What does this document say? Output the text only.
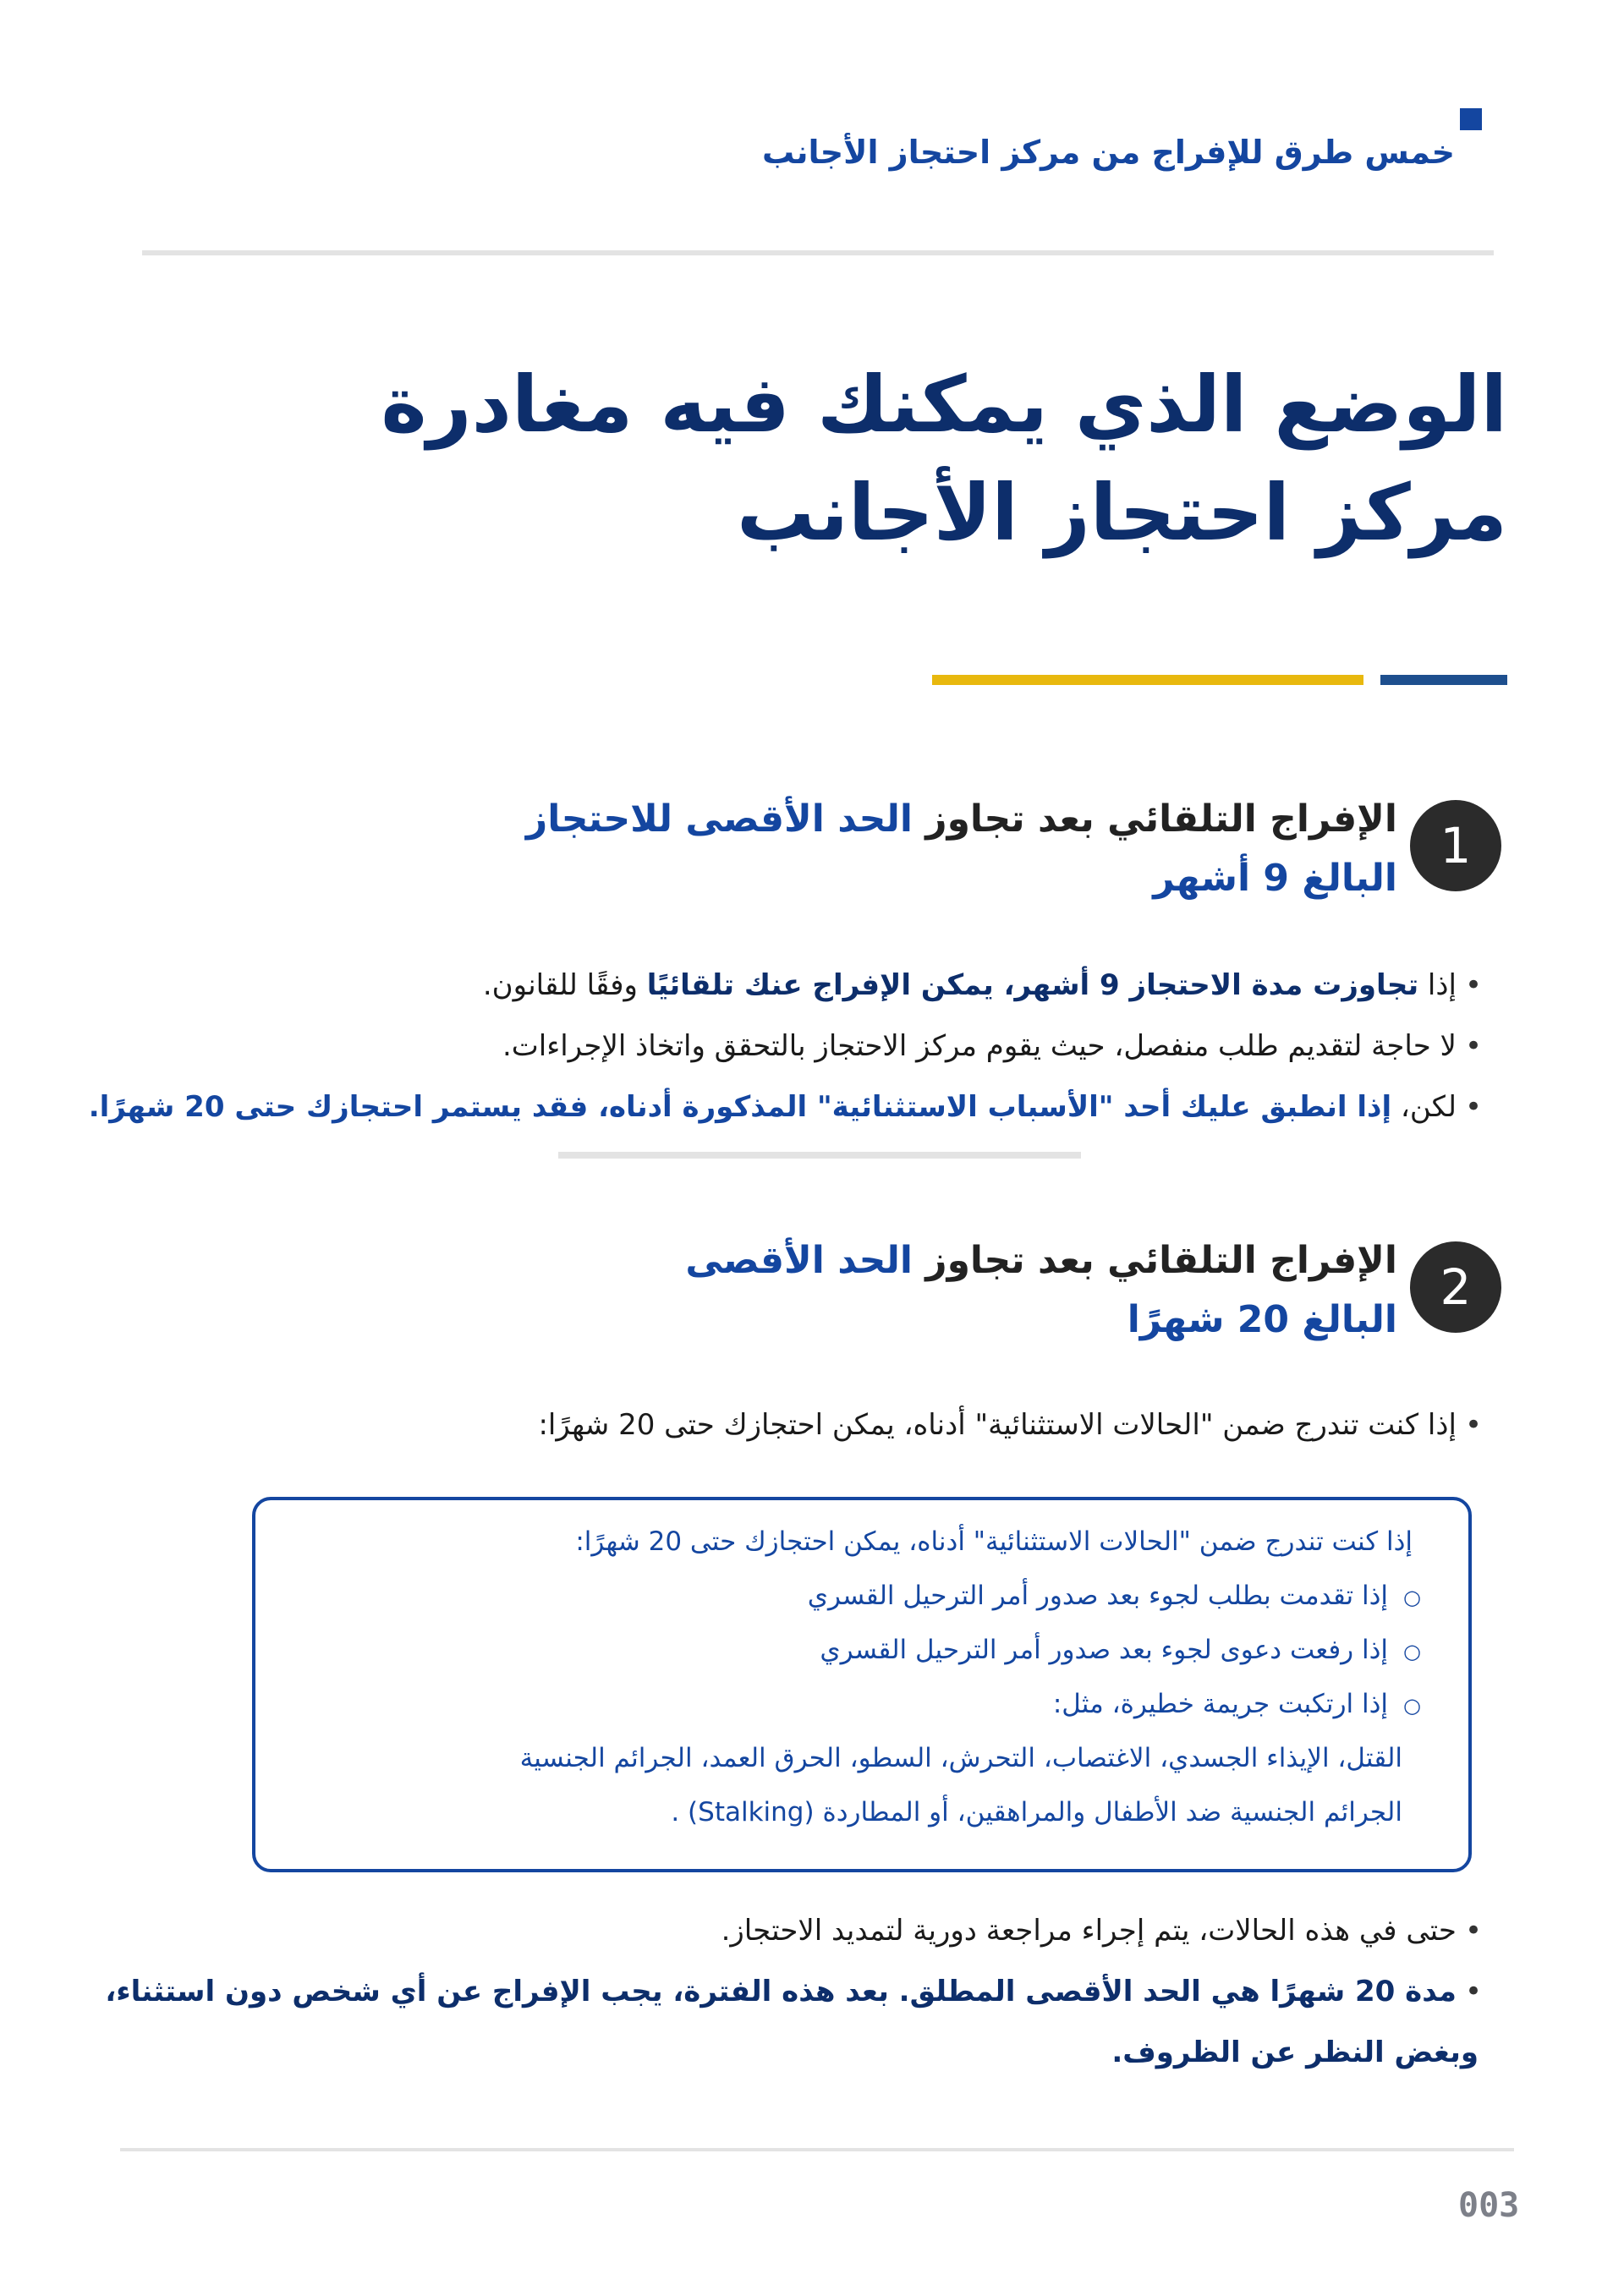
خمس طرق للإفراج من مركز احتجاز الأجانب
الوضع الذي يمكنك فيه مغادرة
مركز احتجاز الأجانب
1
الإفراج التلقائي بعد تجاوز الحد الأقصى للاحتجاز
البالغ 9 أشهر
•إذا تجاوزت مدة الاحتجاز 9 أشهر، يمكن الإفراج عنك تلقائيًا وفقًا للقانون.
•لا حاجة لتقديم طلب منفصل، حيث يقوم مركز الاحتجاز بالتحقق واتخاذ الإجراءات.
•لكن، إذا انطبق عليك أحد "الأسباب الاستثنائية" المذكورة أدناه، فقد يستمر احتجازك حتى 20 شهرًا.
2
الإفراج التلقائي بعد تجاوز الحد الأقصى
البالغ 20 شهرًا
•إذا كنت تندرج ضمن "الحالات الاستثنائية" أدناه، يمكن احتجازك حتى 20 شهرًا:
إذا كنت تندرج ضمن "الحالات الاستثنائية" أدناه، يمكن احتجازك حتى 20 شهرًا:
○إذا تقدمت بطلب لجوء بعد صدور أمر الترحيل القسري
○إذا رفعت دعوى لجوء بعد صدور أمر الترحيل القسري
○إذا ارتكبت جريمة خطيرة، مثل:
القتل، الإيذاء الجسدي، الاغتصاب، التحرش، السطو، الحرق العمد، الجرائم الجنسية
الجرائم الجنسية ضد الأطفال والمراهقين، أو المطاردة (Stalking) .
•حتى في هذه الحالات، يتم إجراء مراجعة دورية لتمديد الاحتجاز.
•مدة 20 شهرًا هي الحد الأقصى المطلق. بعد هذه الفترة، يجب الإفراج عن أي شخص دون استثناء،
وبغض النظر عن الظروف.
003
